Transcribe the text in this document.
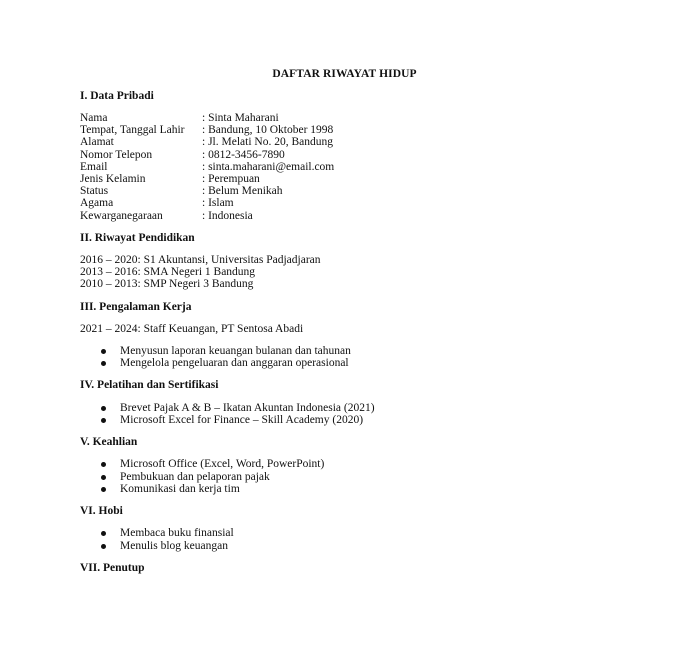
DAFTAR RIWAYAT HIDUP
I. Data Pribadi
Nama	: Sinta Maharani
Tempat, Tanggal Lahir : Bandung, 10 Oktober 1998
Alamat	: Jl. Melati No. 20, Bandung
Nomor Telepon	: 0812-3456-7890
Email	: sinta.maharani@email.com
Jenis Kelamin	: Perempuan
Status	: Belum Menikah
Agama	: Islam
Kewarganegaraan	: Indonesia
II. Riwayat Pendidikan
2016 – 2020: S1 Akuntansi, Universitas Padjadjaran
2013 – 2016: SMA Negeri 1 Bandung
2010 – 2013: SMP Negeri 3 Bandung
III. Pengalaman Kerja
2021 – 2024: Staff Keuangan, PT Sentosa Abadi
Menyusun laporan keuangan bulanan dan tahunan
Mengelola pengeluaran dan anggaran operasional
IV. Pelatihan dan Sertifikasi
Brevet Pajak A & B – Ikatan Akuntan Indonesia (2021)
Microsoft Excel for Finance – Skill Academy (2020)
V. Keahlian
Microsoft Office (Excel, Word, PowerPoint)
Pembukuan dan pelaporan pajak
Komunikasi dan kerja tim
VI. Hobi
Membaca buku finansial
Menulis blog keuangan
VII. Penutup
